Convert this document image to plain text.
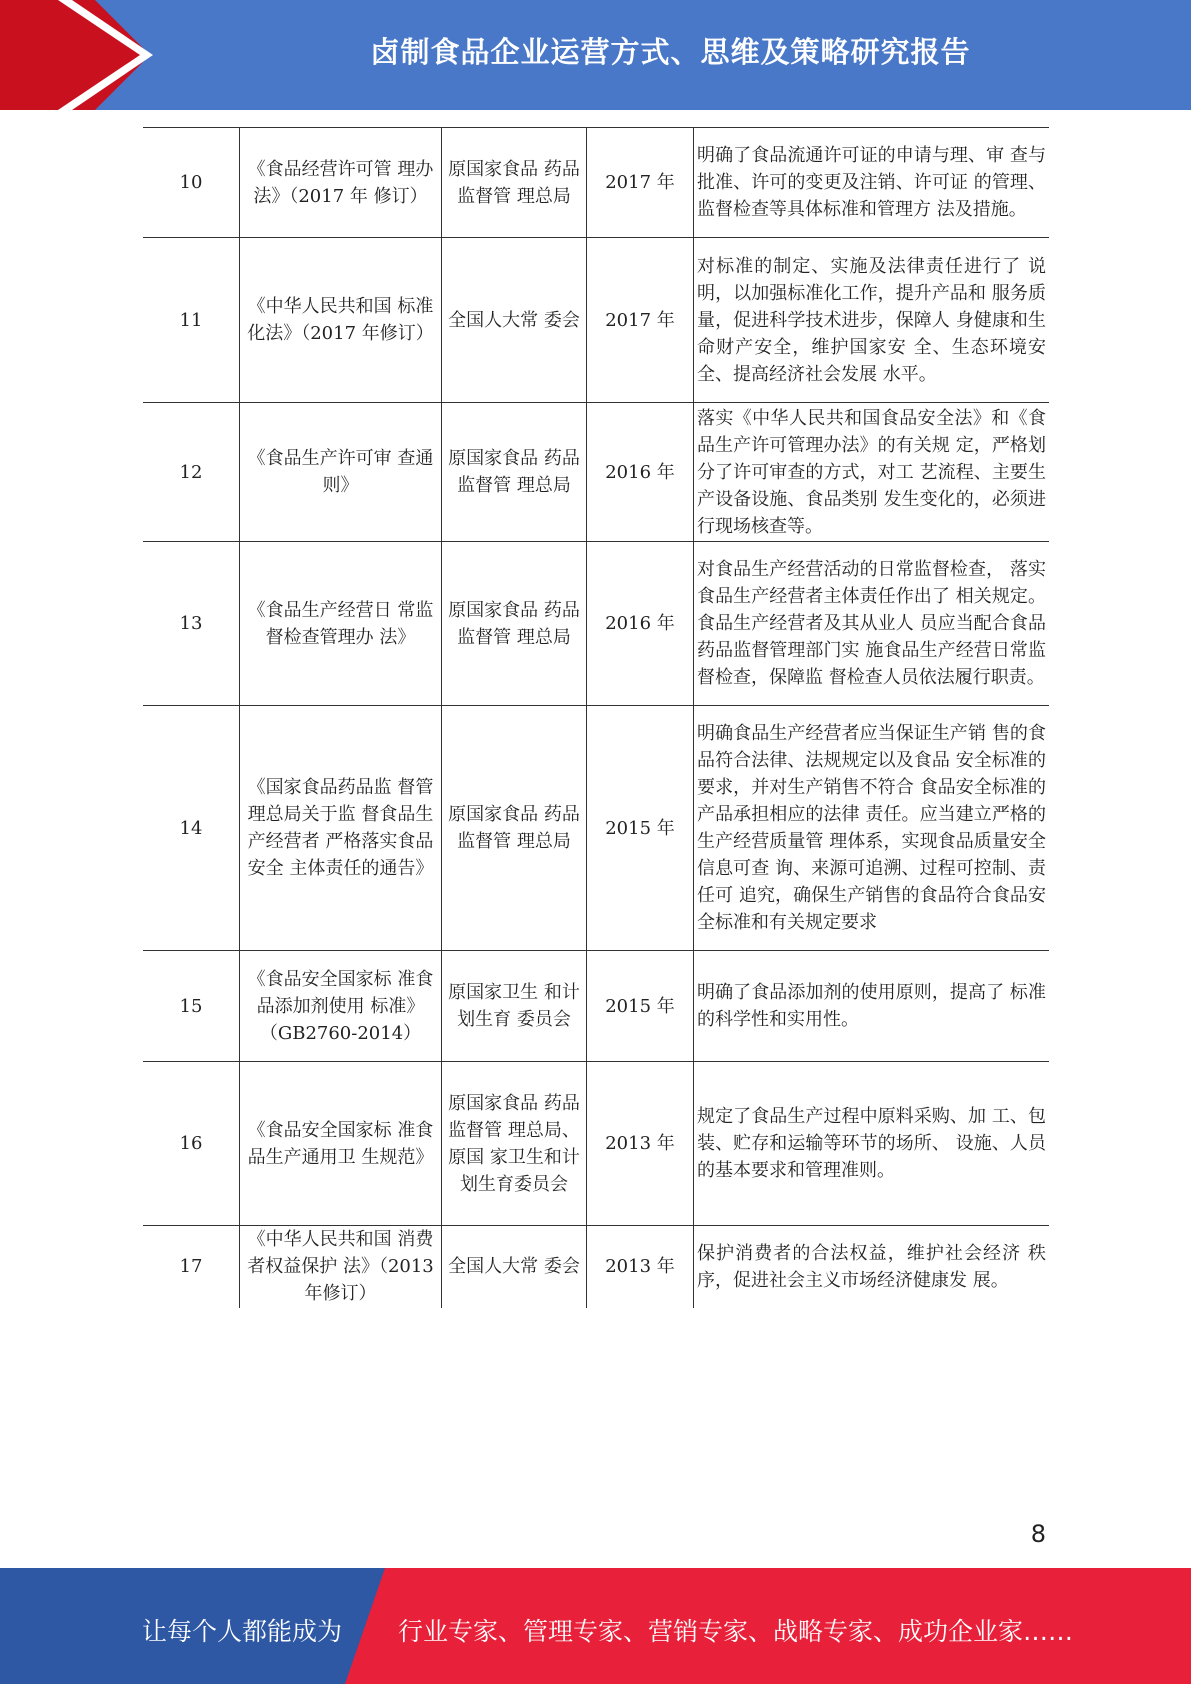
卤制食品企业运营方式、思维及策略研究报告
10	《食品经营许可管 理办法》（2017 年 修订）	原国家食品 药品监督管 理总局	2017 年	明确了食品流通许可证的申请与理、审 查与批准、许可的变更及注销、许可证 的管理、监督检查等具体标准和管理方 法及措施。
11	《中华人民共和国 标准化法》（2017 年修订）	全国人大常 委会	2017 年	对标准的制定、实施及法律责任进行了 说明，以加强标准化工作，提升产品和 服务质量，促进科学技术进步，保障人 身健康和生命财产安全，维护国家安 全、生态环境安全、提高经济社会发展 水平。
12	《食品生产许可审 查通则》	原国家食品 药品监督管 理总局	2016 年	落实《中华人民共和国食品安全法》和《食品生产许可管理办法》的有关规 定，严格划分了许可审查的方式，对工 艺流程、主要生产设备设施、食品类别 发生变化的，必须进行现场核查等。
13	《食品生产经营日 常监督检查管理办 法》	原国家食品 药品监督管 理总局	2016 年	对食品生产经营活动的日常监督检查， 落实食品生产经营者主体责任作出了 相关规定。食品生产经营者及其从业人 员应当配合食品药品监督管理部门实 施食品生产经营日常监督检查，保障监 督检查人员依法履行职责。
14	《国家食品药品监 督管理总局关于监 督食品生产经营者 严格落实食品安全 主体责任的通告》	原国家食品 药品监督管 理总局	2015 年	明确食品生产经营者应当保证生产销 售的食品符合法律、法规规定以及食品 安全标准的要求，并对生产销售不符合 食品安全标准的产品承担相应的法律 责任。应当建立严格的生产经营质量管 理体系，实现食品质量安全信息可查 询、来源可追溯、过程可控制、责任可 追究，确保生产销售的食品符合食品安 全标准和有关规定要求
15	《食品安全国家标 准食品添加剂使用 标准》（GB2760-2014）	原国家卫生 和计划生育 委员会	2015 年	明确了食品添加剂的使用原则，提高了 标准的科学性和实用性。
16	《食品安全国家标 准食品生产通用卫 生规范》	原国家食品 药品监督管 理总局、原国 家卫生和计 划生育委员会	2013 年	规定了食品生产过程中原料采购、加 工、包装、贮存和运输等环节的场所、 设施、人员的基本要求和管理准则。
17	《中华人民共和国 消费者权益保护 法》（2013 年修订）	全国人大常 委会	2013 年	保护消费者的合法权益，维护社会经济 秩序，促进社会主义市场经济健康发 展。
8
让每个人都能成为 行业专家、管理专家、营销专家、战略专家、成功企业家……
